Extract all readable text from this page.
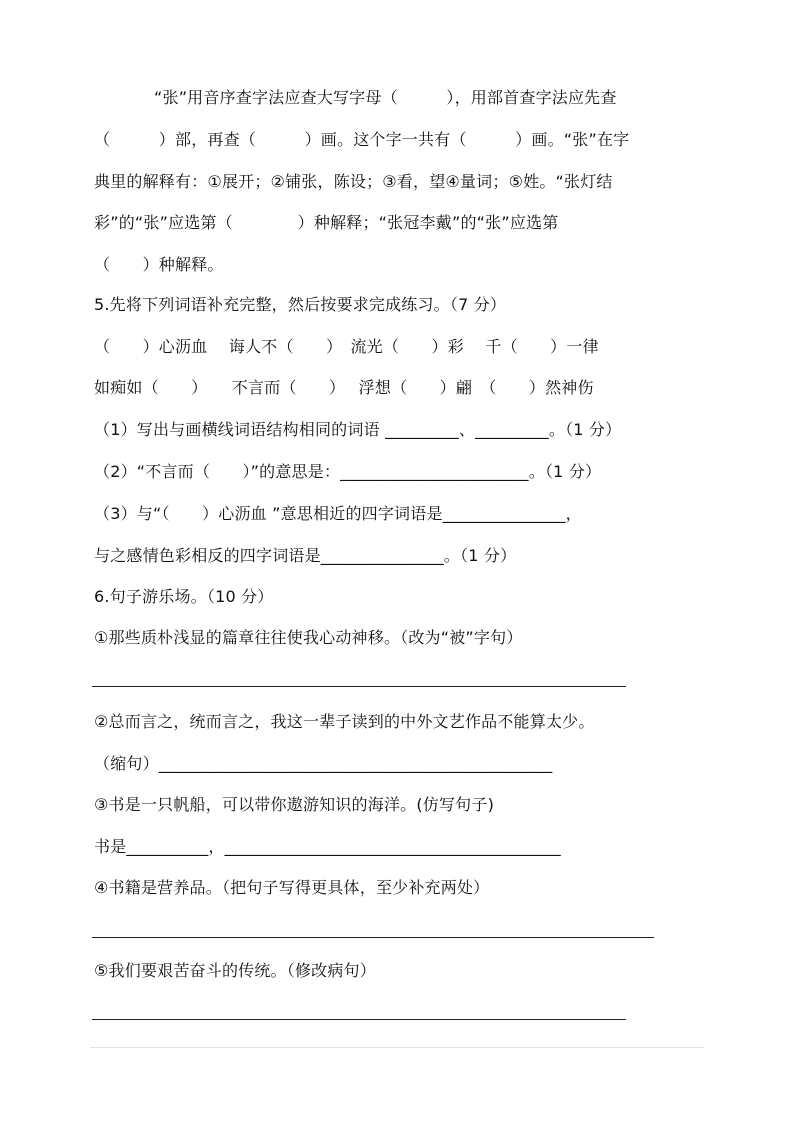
“张”用音序查字法应查大写字母（　　　），用部首查字法应先查
（　　　）部，再查（　　　）画。这个字一共有（　　　）画。“张”在字
典里的解释有：①展开；②铺张，陈设；③看，望④量词；⑤姓。“张灯结
彩”的“张”应选第（　　　　）种解释；“张冠李戴”的“张”应选第
（　　）种解释。
5.先将下列词语补充完整，然后按要求完成练习。（7 分）
（　　）心沥血　 诲人不（　　）　流光（　　）彩　 千（　　）一律
如痴如（　　）　　不言而（　　）　 浮想（　　）翩　（　　）然神伤
（1）写出与画横线词语结构相同的词语 _________、_________。（1 分）
（2）“不言而（　　）”的意思是：_______________________。（1 分）
（3）与“（　　）心沥血 ”意思相近的四字词语是_______________，
与之感情色彩相反的四字词语是_______________。（1 分）
6.句子游乐场。（10 分）
①那些质朴浅显的篇章往往使我心动神移。（改为“被”字句）
②总而言之，统而言之，我这一辈子读到的中外文艺作品不能算太少。
（缩句）________________________________________________
③书是一只帆船，可以带你遨游知识的海洋。(仿写句子)
书是__________，_________________________________________
④书籍是营养品。（把句子写得更具体，至少补充两处）
⑤我们要艰苦奋斗的传统。（修改病句）
